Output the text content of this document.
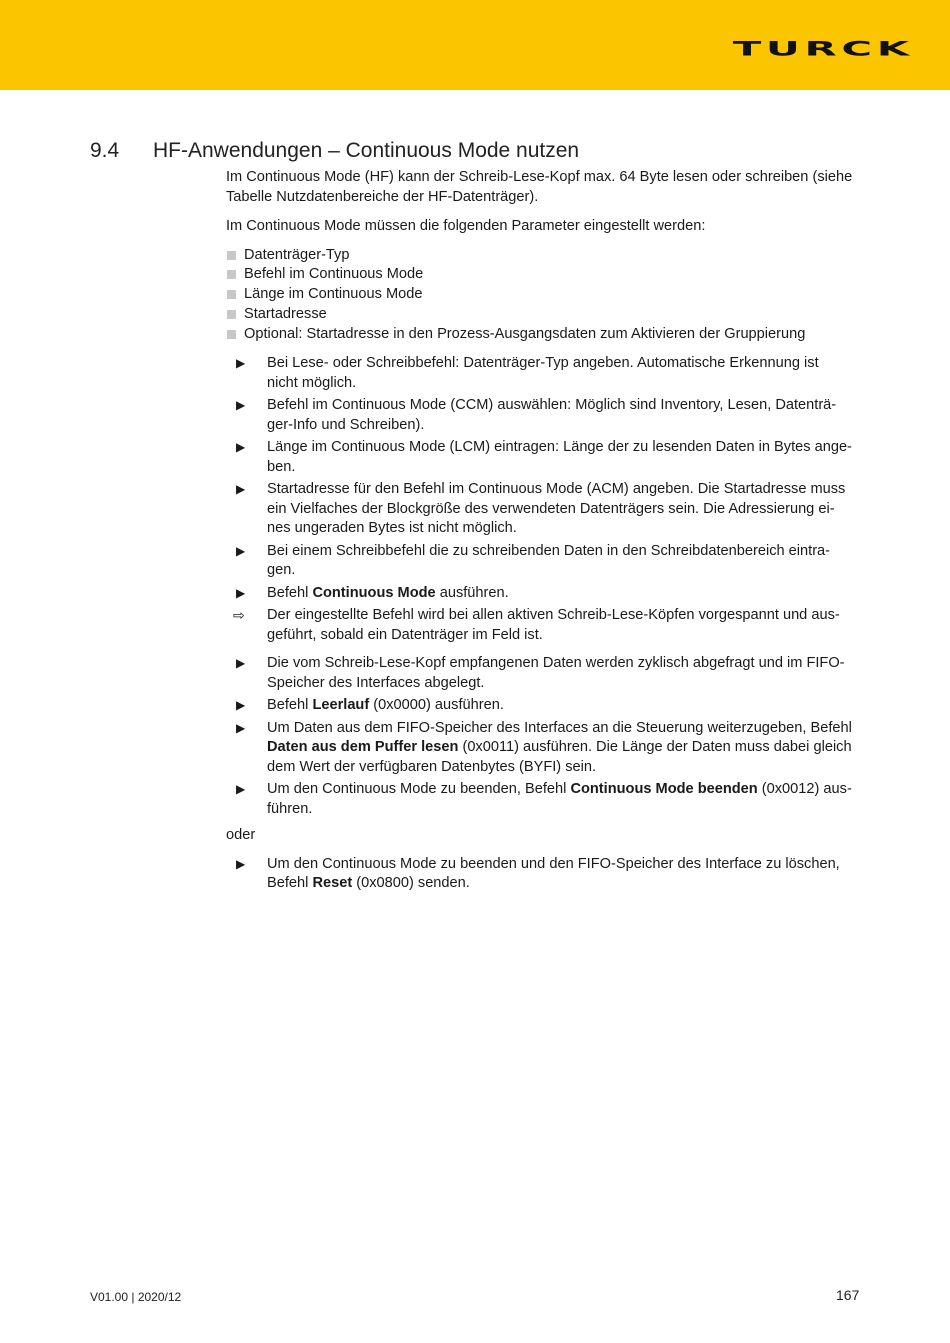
TURCK
9.4 HF-Anwendungen – Continuous Mode nutzen

Im Continuous Mode (HF) kann der Schreib-Lese-Kopf max. 64 Byte lesen oder schreiben (siehe
Tabelle Nutzdatenbereiche der HF-Datenträger).

Im Continuous Mode müssen die folgenden Parameter eingestellt werden:

Datenträger-Typ
Befehl im Continuous Mode
Länge im Continuous Mode
Startadresse
Optional: Startadresse in den Prozess-Ausgangsdaten zum Aktivieren der Gruppierung
▶ Bei Lese- oder Schreibbefehl: Datenträger-Typ angeben. Automatische Erkennung ist
nicht möglich.
▶ Befehl im Continuous Mode (CCM) auswählen: Möglich sind Inventory, Lesen, Datenträ-
ger-Info und Schreiben).
▶ Länge im Continuous Mode (LCM) eintragen: Länge der zu lesenden Daten in Bytes ange-
ben.
▶ Startadresse für den Befehl im Continuous Mode (ACM) angeben. Die Startadresse muss
ein Vielfaches der Blockgröße des verwendeten Datenträgers sein. Die Adressierung ei-
nes ungeraden Bytes ist nicht möglich.
▶ Bei einem Schreibbefehl die zu schreibenden Daten in den Schreibdatenbereich eintra-
gen.
▶ Befehl Continuous Mode ausführen.
⇨ Der eingestellte Befehl wird bei allen aktiven Schreib-Lese-Köpfen vorgespannt und aus-
geführt, sobald ein Datenträger im Feld ist.
▶ Die vom Schreib-Lese-Kopf empfangenen Daten werden zyklisch abgefragt und im FIFO-
Speicher des Interfaces abgelegt.
▶ Befehl Leerlauf (0x0000) ausführen.
▶ Um Daten aus dem FIFO-Speicher des Interfaces an die Steuerung weiterzugeben, Befehl
Daten aus dem Puffer lesen (0x0011) ausführen. Die Länge der Daten muss dabei gleich
dem Wert der verfügbaren Datenbytes (BYFI) sein.
▶ Um den Continuous Mode zu beenden, Befehl Continuous Mode beenden (0x0012) aus-
führen.

oder

▶ Um den Continuous Mode zu beenden und den FIFO-Speicher des Interface zu löschen,
Befehl Reset (0x0800) senden.
V01.00 | 2020/12	167
